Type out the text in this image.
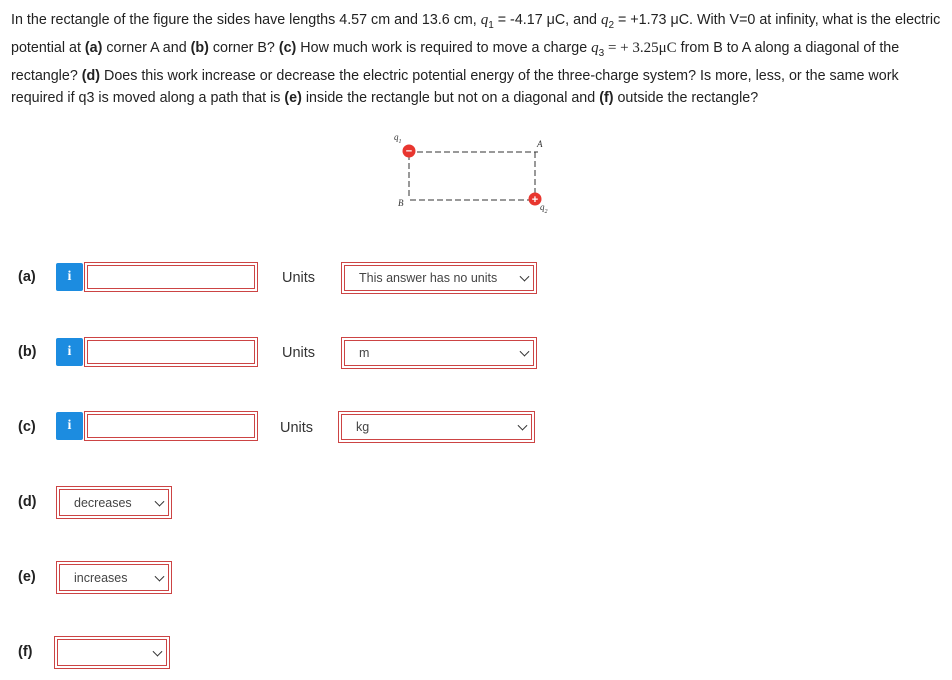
In the rectangle of the figure the sides have lengths 4.57 cm and 13.6 cm, $q_1 = -4.17$ μC, and $q_2 = +1.73$ μC. With V=0 at infinity, what is the electric potential at (a) corner A and (b) corner B? (c) How much work is required to move a charge $q_3$ = + 3.25μC from B to A along a diagonal of the rectangle? (d) Does this work increase or decrease the electric potential energy of the three-charge system? Is more, less, or the same work required if q3 is moved along a path that is (e) inside the rectangle but not on a diagonal and (f) outside the rectangle?
−
+
$q_1$	A
B	$q_2$
(a)	i	Units	This answer has no units
(b)	i	Units	m
(c)	i	Units	kg
(d)	decreases
(e)	increases
(f)
